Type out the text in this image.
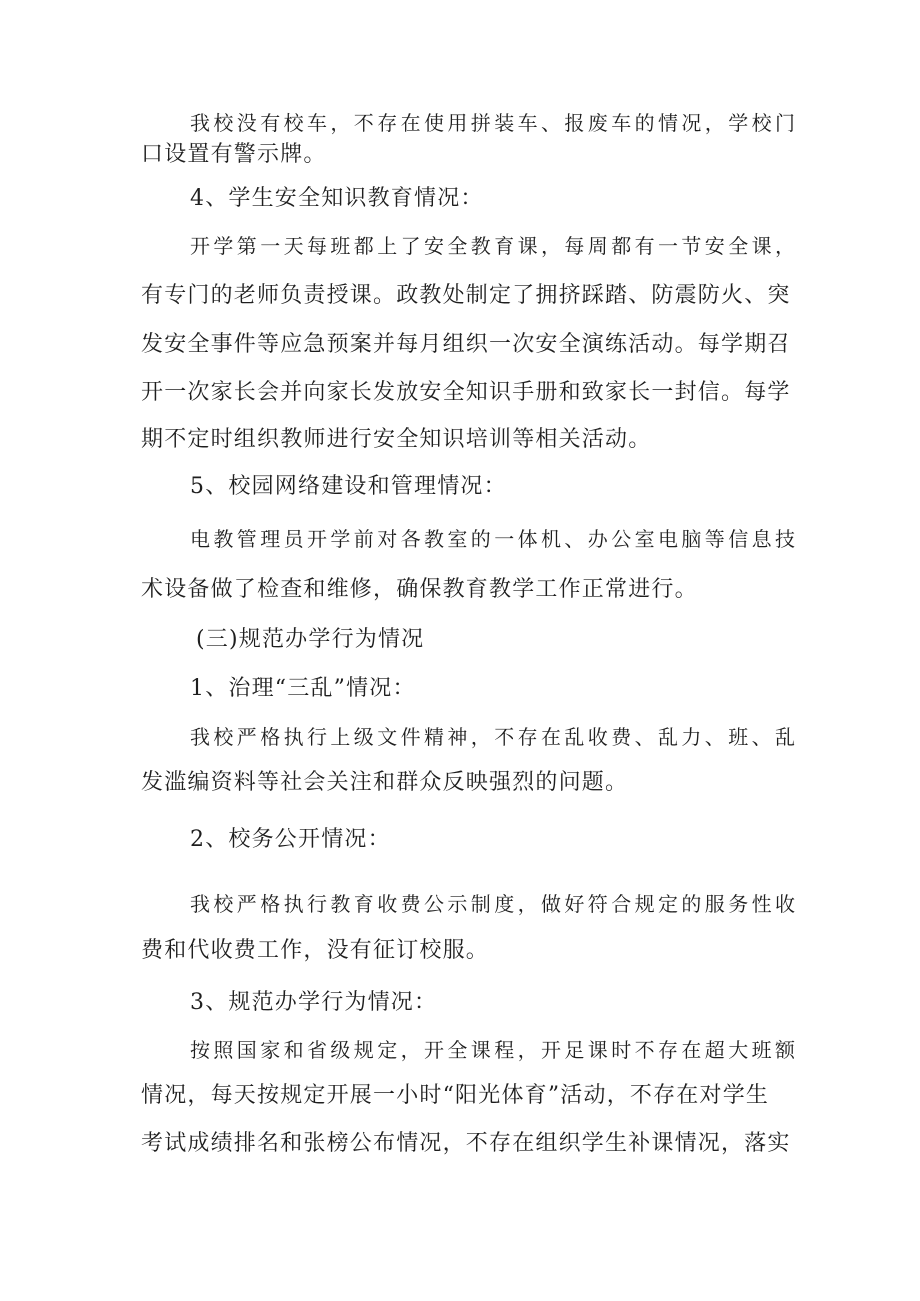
我校没有校车，不存在使用拼装车、报废车的情况，学校门
口设置有警示牌。
4、学生安全知识教育情况：
开学第一天每班都上了安全教育课，每周都有一节安全课，
有专门的老师负责授课。政教处制定了拥挤踩踏、防震防火、突
发安全事件等应急预案并每月组织一次安全演练活动。每学期召
开一次家长会并向家长发放安全知识手册和致家长一封信。每学
期不定时组织教师进行安全知识培训等相关活动。
5、校园网络建设和管理情况：
电教管理员开学前对各教室的一体机、办公室电脑等信息技
术设备做了检查和维修，确保教育教学工作正常进行。
(三)规范办学行为情况
1、治理“三乱”情况：
我校严格执行上级文件精神，不存在乱收费、乱力、班、乱
发滥编资料等社会关注和群众反映强烈的问题。
2、校务公开情况：
我校严格执行教育收费公示制度，做好符合规定的服务性收
费和代收费工作，没有征订校服。
3、规范办学行为情况：
按照国家和省级规定，开全课程，开足课时不存在超大班额
情况，每天按规定开展一小时“阳光体育”活动，不存在对学生
考试成绩排名和张榜公布情况，不存在组织学生补课情况，落实
